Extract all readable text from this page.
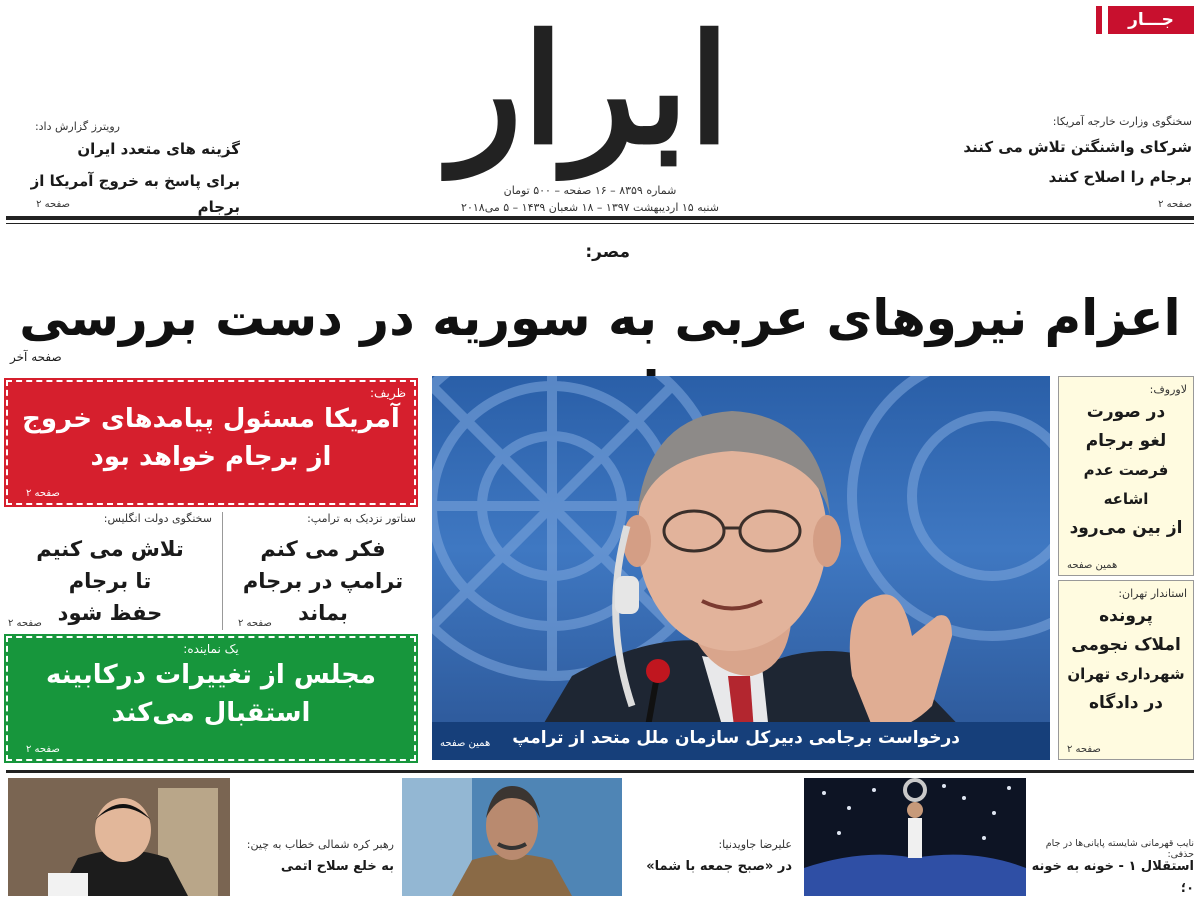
جـــار
ابرار
شماره ۸۳۵۹ – ۱۶ صفحه – ۵۰۰ تومان
شنبه ۱۵ اردیبهشت ۱۳۹۷ – ۱۸ شعبان ۱۴۳۹ – ۵ می۲۰۱۸
رویترز گزارش داد:
گزینه های متعدد ایران
برای پاسخ به خروج آمریکا از برجام
صفحه ۲
سخنگوی وزارت خارجه آمریکا:
شرکای واشنگتن تلاش می کنند
برجام را اصلاح کنند
صفحه ۲
مصر:
اعزام نیروهای عربی به سوریه در دست بررسی
صفحه آخر
ظریف:
آمریکا مسئول پیامدهای خروج
از برجام خواهد بود
صفحه ۲
سخنگوی دولت انگلیس:
تلاش می کنیم
تا برجام
حفظ شود
صفحه ۲
سناتور نزدیک به ترامپ:
فکر می کنم
ترامپ در برجام
بماند
صفحه ۲
یک نماینده:
مجلس از تغییرات درکابینه
استقبال می‌کند
صفحه ۲
درخواست برجامی دبیرکل سازمان ملل متحد از ترامپ
همین صفحه
لاوروف:
در صورت
لغو برجام
فرصت عدم اشاعه
از بین می‌رود
همین صفحه
استاندار تهران:
پرونده
املاک نجومی
شهرداری تهران
در دادگاه
صفحه ۲
رهبر کره شمالی خطاب به چین:
به خلع سلاح اتمی
علیرضا جاویدنیا:
در «صبح جمعه با شما»
نایب قهرمانی شایسته پایانی‌ها در جام حذفی:
استقلال ۱ - خونه به خونه ۰؛
